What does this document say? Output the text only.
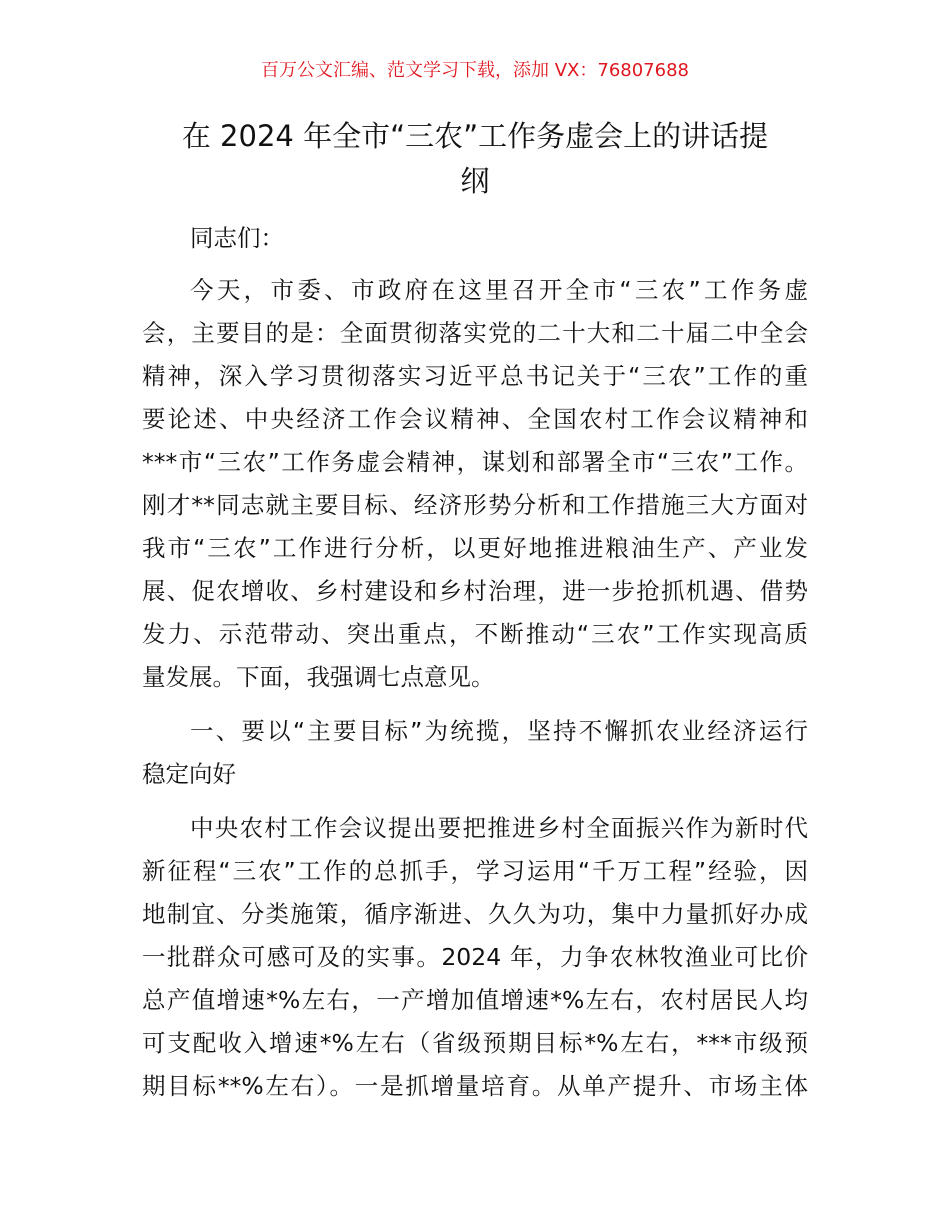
百万公文汇编、范文学习下载，添加 VX：76807688
在 2024 年全市“三农”工作务虚会上的讲话提
纲
同志们：
今天，市委、市政府在这里召开全市“三农”工作务虚
会，主要目的是：全面贯彻落实党的二十大和二十届二中全会
精神，深入学习贯彻落实习近平总书记关于“三农”工作的重
要论述、中央经济工作会议精神、全国农村工作会议精神和
***市“三农”工作务虚会精神，谋划和部署全市“三农”工作。
刚才**同志就主要目标、经济形势分析和工作措施三大方面对
我市“三农”工作进行分析，以更好地推进粮油生产、产业发
展、促农增收、乡村建设和乡村治理，进一步抢抓机遇、借势
发力、示范带动、突出重点，不断推动“三农”工作实现高质
量发展。下面，我强调七点意见。
一、要以“主要目标”为统揽，坚持不懈抓农业经济运行
稳定向好
中央农村工作会议提出要把推进乡村全面振兴作为新时代
新征程“三农”工作的总抓手，学习运用“千万工程”经验，因
地制宜、分类施策，循序渐进、久久为功，集中力量抓好办成
一批群众可感可及的实事。2024 年，力争农林牧渔业可比价
总产值增速*%左右，一产增加值增速*%左右，农村居民人均
可支配收入增速*%左右（省级预期目标*%左右，***市级预
期目标**%左右）。一是抓增量培育。从单产提升、市场主体
